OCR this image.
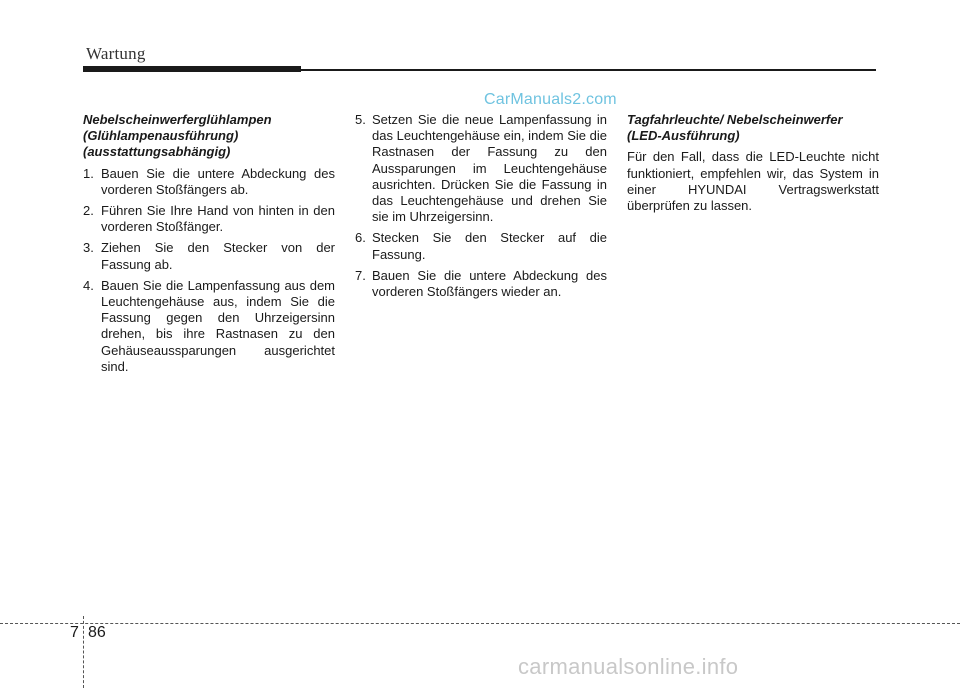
Wartung
CarManuals2.com
Nebelscheinwerferglühlampen
(Glühlampenausführung)
(ausstattungsabhängig)
1. Bauen Sie die untere Abdeckung des vorderen Stoßfängers ab.
2. Führen Sie Ihre Hand von hinten in den vorderen Stoßfänger.
3. Ziehen Sie den Stecker von der Fassung ab.
4. Bauen Sie die Lampenfassung aus dem Leuchtengehäuse aus, indem Sie die Fassung gegen den Uhrzeigersinn drehen, bis ihre Rastnasen zu den Gehäuseaussparungen ausgerichtet sind.
5. Setzen Sie die neue Lampenfassung in das Leuchtengehäuse ein, indem Sie die Rastnasen der Fassung zu den Aussparungen im Leuchtengehäuse ausrichten. Drücken Sie die Fassung in das Leuchtengehäuse und drehen Sie sie im Uhrzeigersinn.
6. Stecken Sie den Stecker auf die Fassung.
7. Bauen Sie die untere Abdeckung des vorderen Stoßfängers wieder an.
Tagfahrleuchte/ Nebelscheinwerfer
(LED-Ausführung)

Für den Fall, dass die LED-Leuchte nicht funktioniert, empfehlen wir, das System in einer HYUNDAI Vertragswerkstatt überprüfen zu lassen.

7 86
carmanualsonline.info
